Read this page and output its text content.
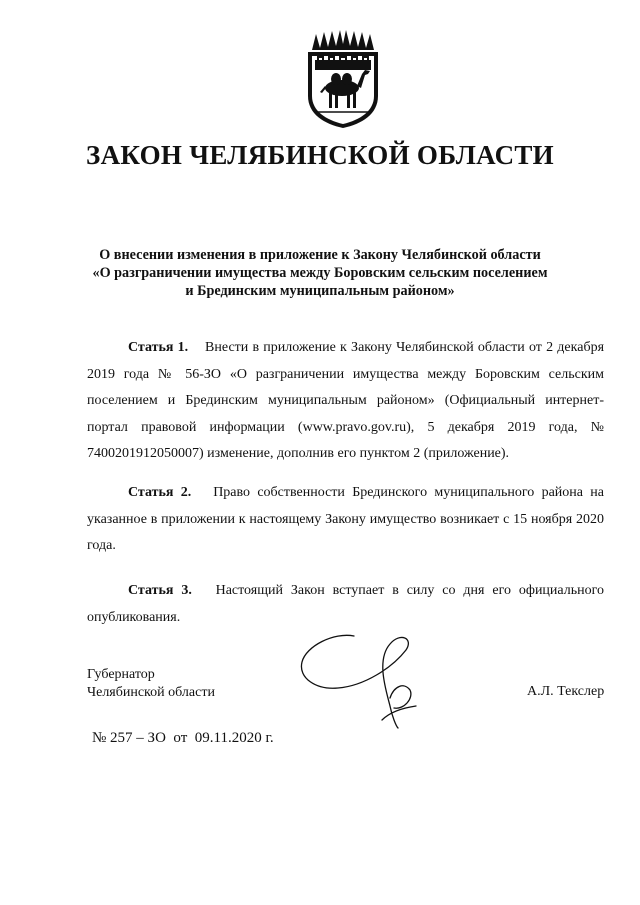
ЗАКОН ЧЕЛЯБИНСКОЙ ОБЛАСТИ
О внесении изменения в приложение к Закону Челябинской области
«О разграничении имущества между Боровским сельским поселением
и Брединским муниципальным районом»

Статья 1. Внести в приложение к Закону Челябинской области от 2 декабря 2019 года № 56-ЗО «О разграничении имущества между Боровским сельским поселением и Брединским муниципальным районом» (Официальный интернет-портал правовой информации (www.pravo.gov.ru), 5 декабря 2019 года, № 7400201912050007) изменение, дополнив его пунктом 2 (приложение).

Статья 2. Право собственности Брединского муниципального района на указанное в приложении к настоящему Закону имущество возникает с 15 ноября 2020 года.

Статья 3. Настоящий Закон вступает в силу со дня его официального опубликования.

Губернатор
Челябинской области	А.Л. Текслер
№ 257 – ЗО  от  09.11.2020 г.
